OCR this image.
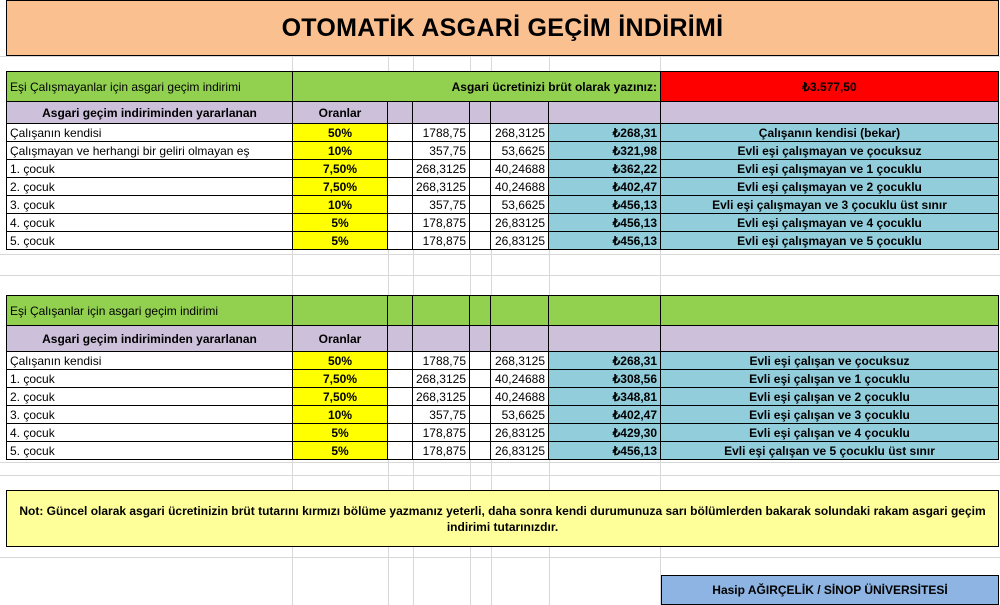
OTOMATİK ASGARİ GEÇİM İNDİRİMİ
Eşi Çalışmayanlar için asgari geçim indirimi	Asgari ücretinizi brüt olarak yazınız:	₺3.577,50
Not: Güncel olarak asgari ücretinizin brüt tutarını kırmızı bölüme yazmanız yeterli, daha sonra kendi durumunuza sarı bölümlerden bakarak solundaki rakam asgari geçim indirimi tutarınızdır.
Hasip AĞIRÇELİK / SİNOP ÜNİVERSİTESİ
Asgari geçim indiriminden yararlanan	Oranlar
Çalışanın kendisi	50%	1788,75	268,3125	₺268,31	Çalışanın kendisi (bekar)
Çalışmayan ve herhangi bir geliri olmayan eş	10%	357,75	53,6625	₺321,98	Evli eşi çalışmayan ve çocuksuz
1. çocuk	7,50%	268,3125	40,24688	₺362,22	Evli eşi çalışmayan ve 1 çocuklu
2. çocuk	7,50%	268,3125	40,24688	₺402,47	Evli eşi çalışmayan ve 2 çocuklu
3. çocuk	10%	357,75	53,6625	₺456,13	Evli eşi çalışmayan ve 3 çocuklu üst sınır
4. çocuk	5%	178,875	26,83125	₺456,13	Evli eşi çalışmayan ve 4 çocuklu
5. çocuk	5%	178,875	26,83125	₺456,13	Evli eşi çalışmayan ve 5 çocuklu
Eşi Çalışanlar için asgari geçim indirimi
Asgari geçim indiriminden yararlanan	Oranlar
Çalışanın kendisi	50%	1788,75	268,3125	₺268,31	Evli eşi çalışan ve çocuksuz
1. çocuk	7,50%	268,3125	40,24688	₺308,56	Evli eşi çalışan ve 1 çocuklu
2. çocuk	7,50%	268,3125	40,24688	₺348,81	Evli eşi çalışan ve 2 çocuklu
3. çocuk	10%	357,75	53,6625	₺402,47	Evli eşi çalışan ve 3 çocuklu
4. çocuk	5%	178,875	26,83125	₺429,30	Evli eşi çalışan ve 4 çocuklu
5. çocuk	5%	178,875	26,83125	₺456,13	Evli eşi çalışan ve 5 çocuklu üst sınır
